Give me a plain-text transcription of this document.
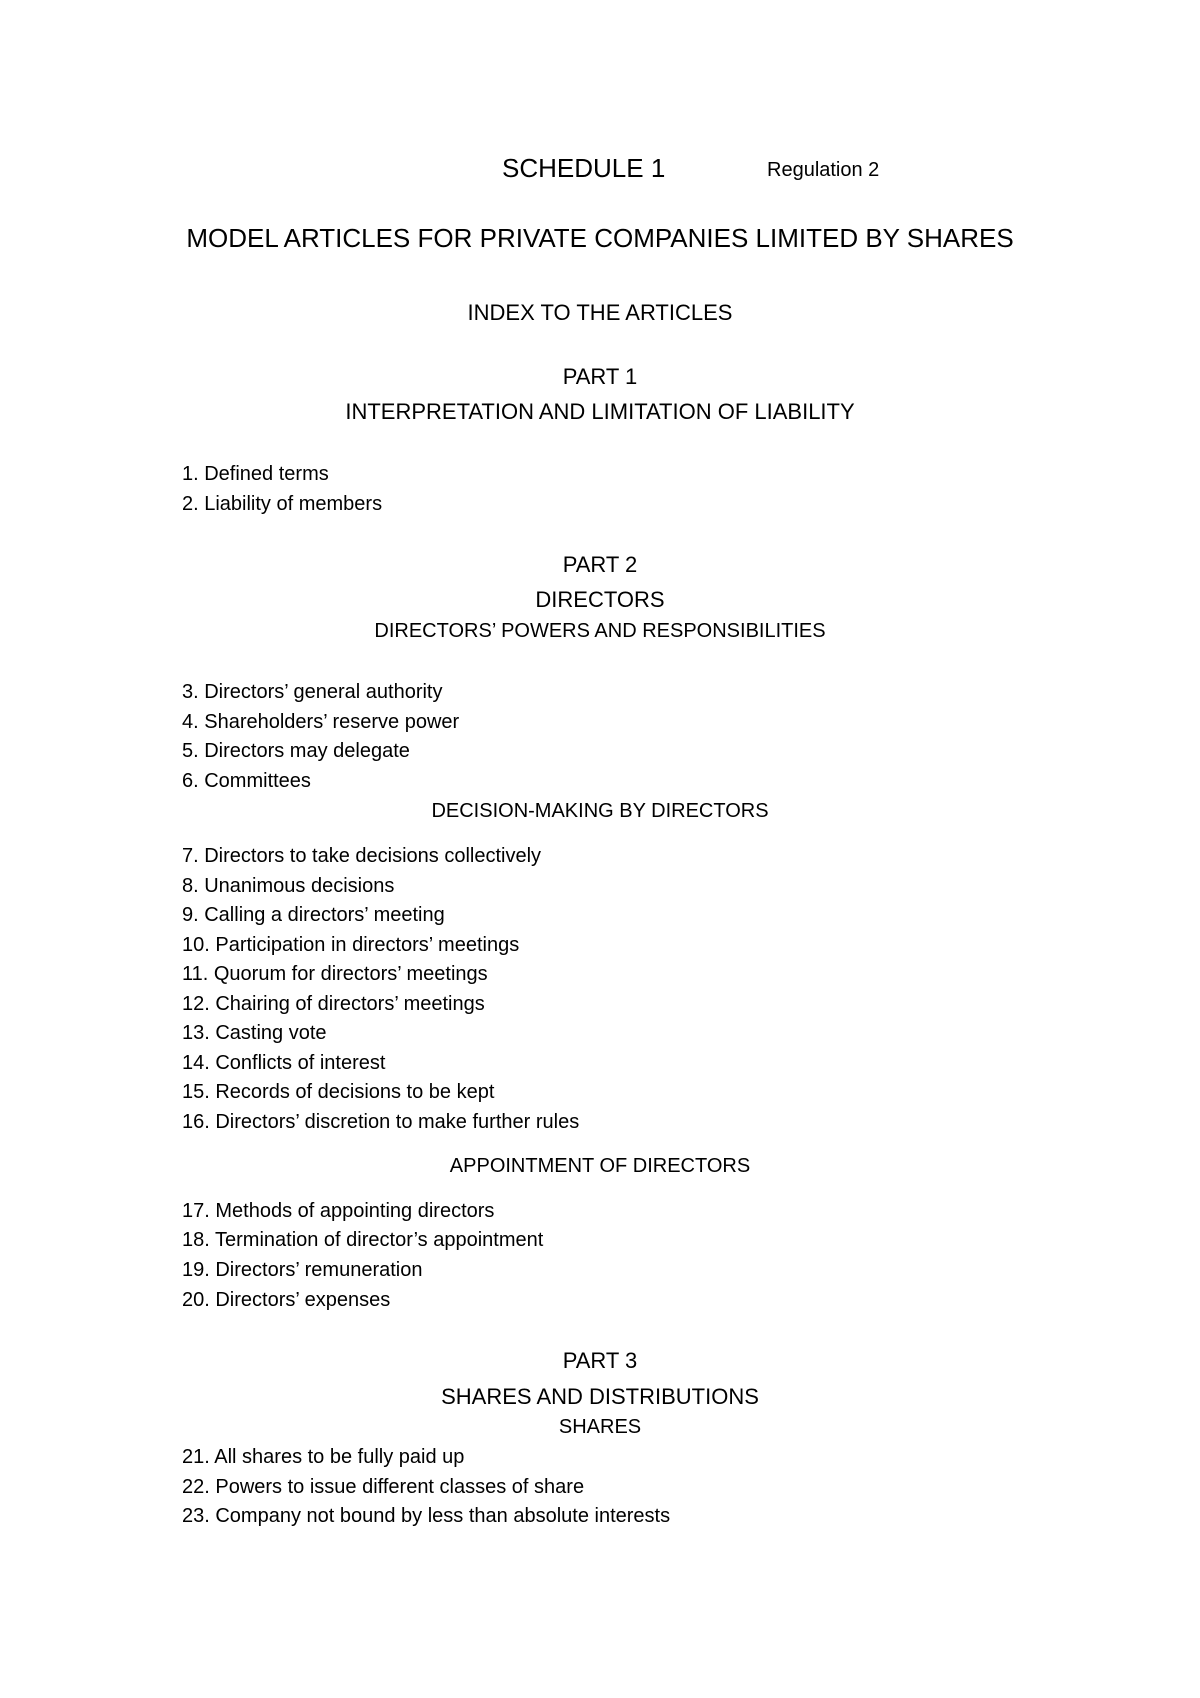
SCHEDULE 1	Regulation 2
MODEL ARTICLES FOR PRIVATE COMPANIES LIMITED BY SHARES
INDEX TO THE ARTICLES
PART 1
INTERPRETATION AND LIMITATION OF LIABILITY
1. Defined terms
2. Liability of members
PART 2
DIRECTORS
DIRECTORS’ POWERS AND RESPONSIBILITIES
3. Directors’ general authority
4. Shareholders’ reserve power
5. Directors may delegate
6. Committees
DECISION-MAKING BY DIRECTORS
7. Directors to take decisions collectively
8. Unanimous decisions
9. Calling a directors’ meeting
10. Participation in directors’ meetings
11. Quorum for directors’ meetings
12. Chairing of directors’ meetings
13. Casting vote
14. Conflicts of interest
15. Records of decisions to be kept
16. Directors’ discretion to make further rules
APPOINTMENT OF DIRECTORS
17. Methods of appointing directors
18. Termination of director’s appointment
19. Directors’ remuneration
20. Directors’ expenses
PART 3
SHARES AND DISTRIBUTIONS
SHARES
21. All shares to be fully paid up
22. Powers to issue different classes of share
23. Company not bound by less than absolute interests
